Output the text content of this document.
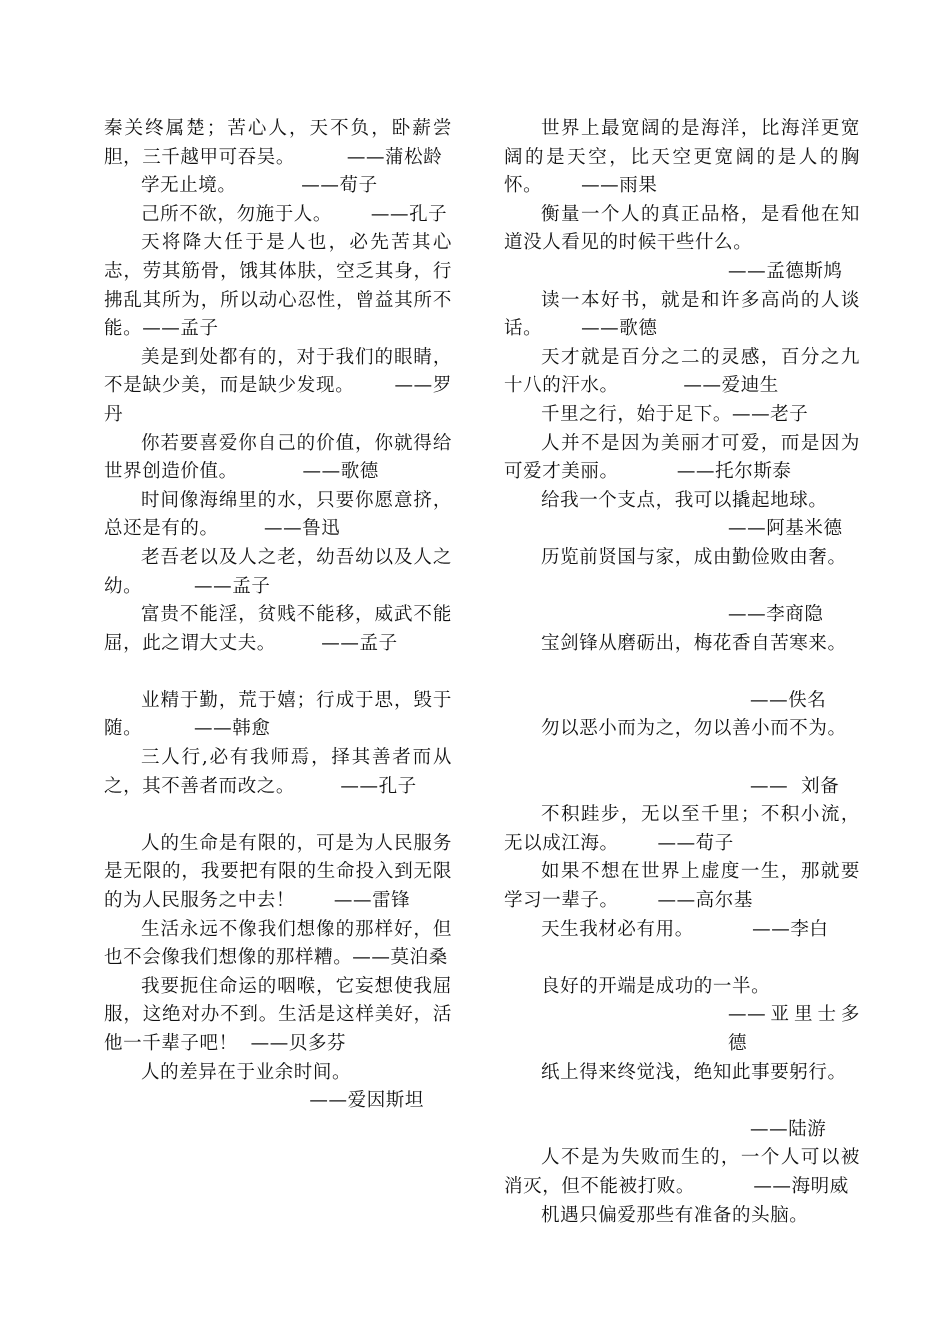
秦关终属楚；苦心人，天不负，卧薪尝胆，三千越甲可吞吴。        ——蒲松龄

学无止境。          ——荀子

己所不欲，勿施于人。      ——孔子

天将降大任于是人也，必先苦其心志，劳其筋骨，饿其体肤，空乏其身，行拂乱其所为，所以动心忍性，曾益其所不能。——孟子

美是到处都有的，对于我们的眼睛，不是缺少美，而是缺少发现。      ——罗丹

你若要喜爱你自己的价值，你就得给世界创造价值。          ——歌德

时间像海绵里的水，只要你愿意挤，总还是有的。       ——鲁迅

老吾老以及人之老，幼吾幼以及人之幼。        ——孟子

富贵不能淫，贫贱不能移，威武不能屈，此之谓大丈夫。       ——孟子

业精于勤，荒于嬉；行成于思，毁于随。        ——韩愈

三人行,必有我师焉，择其善者而从之，其不善者而改之。       ——孔子

人的生命是有限的，可是为人民服务是无限的，我要把有限的生命投入到无限的为人民服务之中去！      ——雷锋

生活永远不像我们想像的那样好，但也不会像我们想像的那样糟。——莫泊桑

我要扼住命运的咽喉，它妄想使我屈服，这绝对办不到。生活是这样美好，活他一千辈子吧！  ——贝多芬

人的差异在于业余时间。

——爱因斯坦

世界上最宽阔的是海洋，比海洋更宽阔的是天空，比天空更宽阔的是人的胸怀。      ——雨果

衡量一个人的真正品格，是看他在知道没人看见的时候干些什么。

——孟德斯鸠

读一本好书，就是和许多高尚的人谈话。      ——歌德

天才就是百分之二的灵感，百分之九十八的汗水。          ——爱迪生

千里之行，始于足下。——老子

人并不是因为美丽才可爱，而是因为可爱才美丽。         ——托尔斯泰

给我一个支点，我可以撬起地球。

——阿基米德

历览前贤国与家，成由勤俭败由奢。

——李商隐

宝剑锋从磨砺出，梅花香自苦寒来。

——佚名

勿以恶小而为之，勿以善小而不为。

——  刘备

不积跬步，无以至千里；不积小流，无以成江海。      ——荀子

如果不想在世界上虚度一生，那就要学习一辈子。      ——高尔基

天生我材必有用。         ——李白

良好的开端是成功的一半。

——亚里士多德

纸上得来终觉浅，绝知此事要躬行。

——陆游

人不是为失败而生的，一个人可以被消灭，但不能被打败。         ——海明威

机遇只偏爱那些有准备的头脑。
